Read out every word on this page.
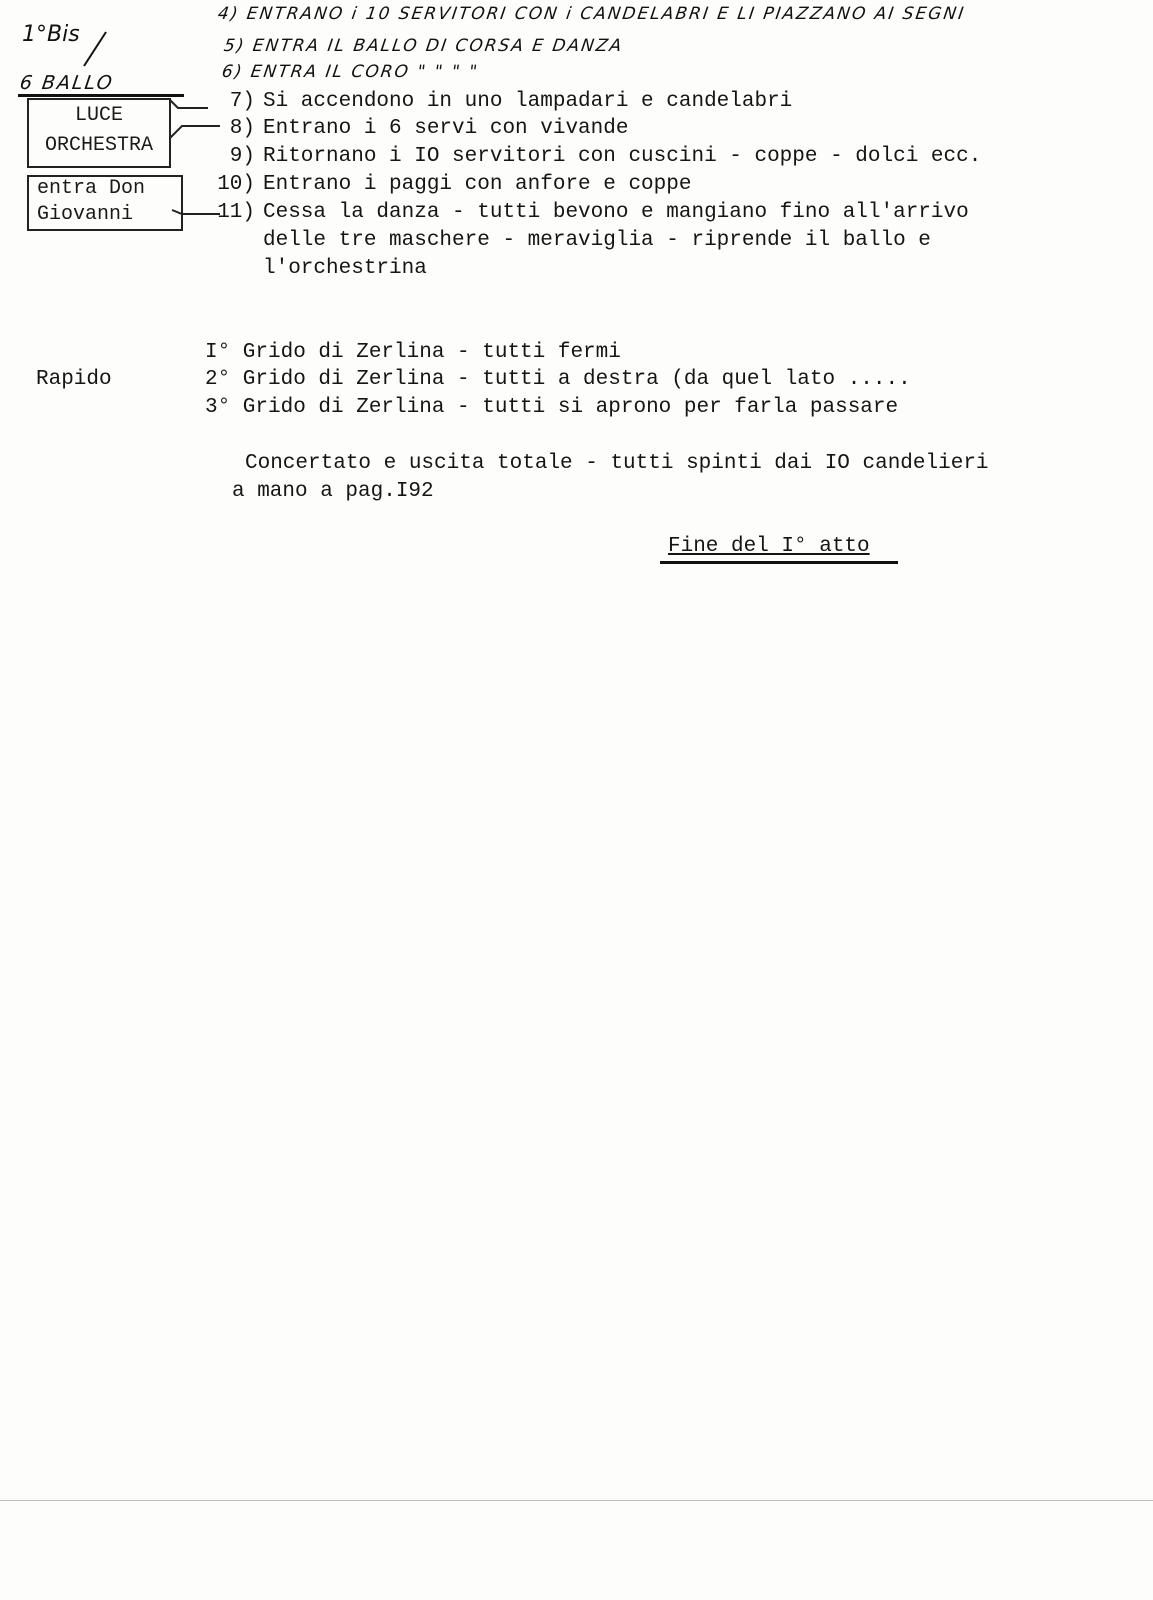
1°Bis
4) ENTRANO i 10 SERVITORI CON i CANDELABRI E LI PIAZZANO AI SEGNI
5) ENTRA IL BALLO DI CORSA E DANZA
6) ENTRA IL CORO " " " "
6 BALLO
LUCE
ORCHESTRA
entra Don
Giovanni
7) Si accendono in uno lampadari e candelabri
8) Entrano i 6 servi con vivande
9) Ritornano i IO servitori con cuscini - coppe - dolci ecc.
10) Entrano i paggi con anfore e coppe
11) Cessa la danza - tutti bevono e mangiano fino all'arrivo
delle tre maschere - meraviglia - riprende il ballo e
l'orchestrina
Rapido
I° Grido di Zerlina - tutti fermi
2° Grido di Zerlina - tutti a destra (da quel lato .....
3° Grido di Zerlina - tutti si aprono per farla passare
Concertato e uscita totale - tutti spinti dai IO candelieri
a mano a pag.I92
Fine del I° atto
